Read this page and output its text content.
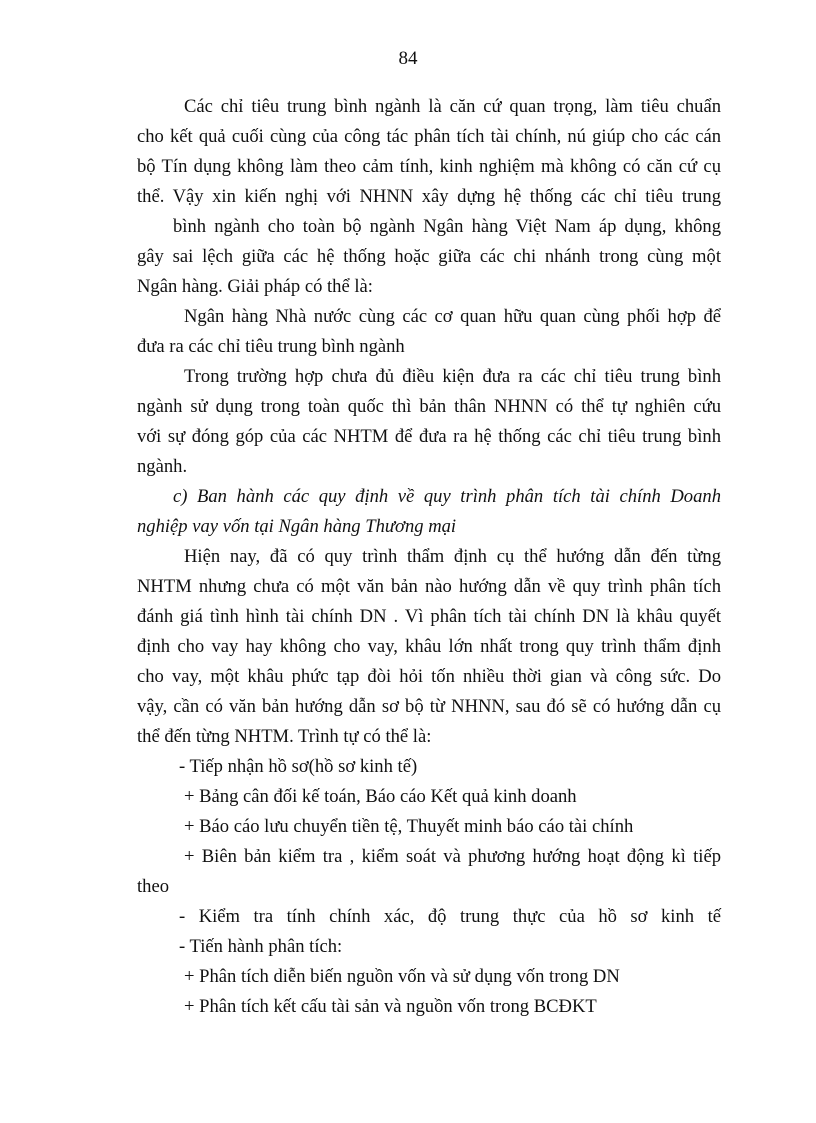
84
Các chỉ tiêu trung bình ngành là căn cứ quan trọng, làm tiêu chuẩn
cho kết quả cuối cùng của công tác phân tích tài chính, nú giúp cho các cán
bộ Tín dụng không làm theo cảm tính, kinh nghiệm mà không có căn cứ cụ
thể. Vậy xin kiến nghị với NHNN xây dựng hệ thống các chỉ tiêu trung
bình ngành cho toàn bộ ngành Ngân hàng Việt Nam áp dụng, không
gây sai lệch giữa các hệ thống hoặc giữa các chi nhánh trong cùng một
Ngân hàng. Giải pháp có thể là:
Ngân hàng Nhà nước cùng các cơ quan hữu quan cùng phối hợp để
đưa ra các chỉ tiêu trung bình ngành
Trong trường hợp chưa đủ điều kiện đưa ra các chỉ tiêu trung bình
ngành sử dụng trong toàn quốc thì bản thân NHNN có thể tự nghiên cứu
với sự đóng góp của các NHTM để đưa ra hệ thống các chỉ tiêu trung bình
ngành.
c) Ban hành các quy định về quy trình phân tích tài chính Doanh
nghiệp vay vốn tại Ngân hàng Thương mại
Hiện nay, đã có quy trình thẩm định cụ thể hướng dẫn đến từng
NHTM nhưng chưa có một văn bản nào hướng dẫn về quy trình phân tích
đánh giá tình hình tài chính DN . Vì phân tích tài chính DN là khâu quyết
định cho vay hay không cho vay, khâu lớn nhất trong quy trình thẩm định
cho vay, một khâu phức tạp đòi hỏi tốn nhiều thời gian và công sức. Do
vậy, cần có văn bản hướng dẫn sơ bộ từ NHNN, sau đó sẽ có hướng dẫn cụ
thể đến từng NHTM. Trình tự có thể là:
- Tiếp nhận hồ sơ(hồ sơ kinh tế)
+ Bảng cân đối kế toán, Báo cáo Kết quả kinh doanh
+ Báo cáo lưu chuyển tiền tệ, Thuyết minh báo cáo tài chính
+ Biên bản kiểm tra , kiểm soát và phương hướng hoạt động kì tiếp
theo
- Kiểm tra tính chính xác, độ trung thực của hồ sơ kinh tế
- Tiến hành phân tích:
+ Phân tích diễn biến nguồn vốn và sử dụng vốn trong DN
+ Phân tích kết cấu tài sản và nguồn vốn trong BCĐKT
